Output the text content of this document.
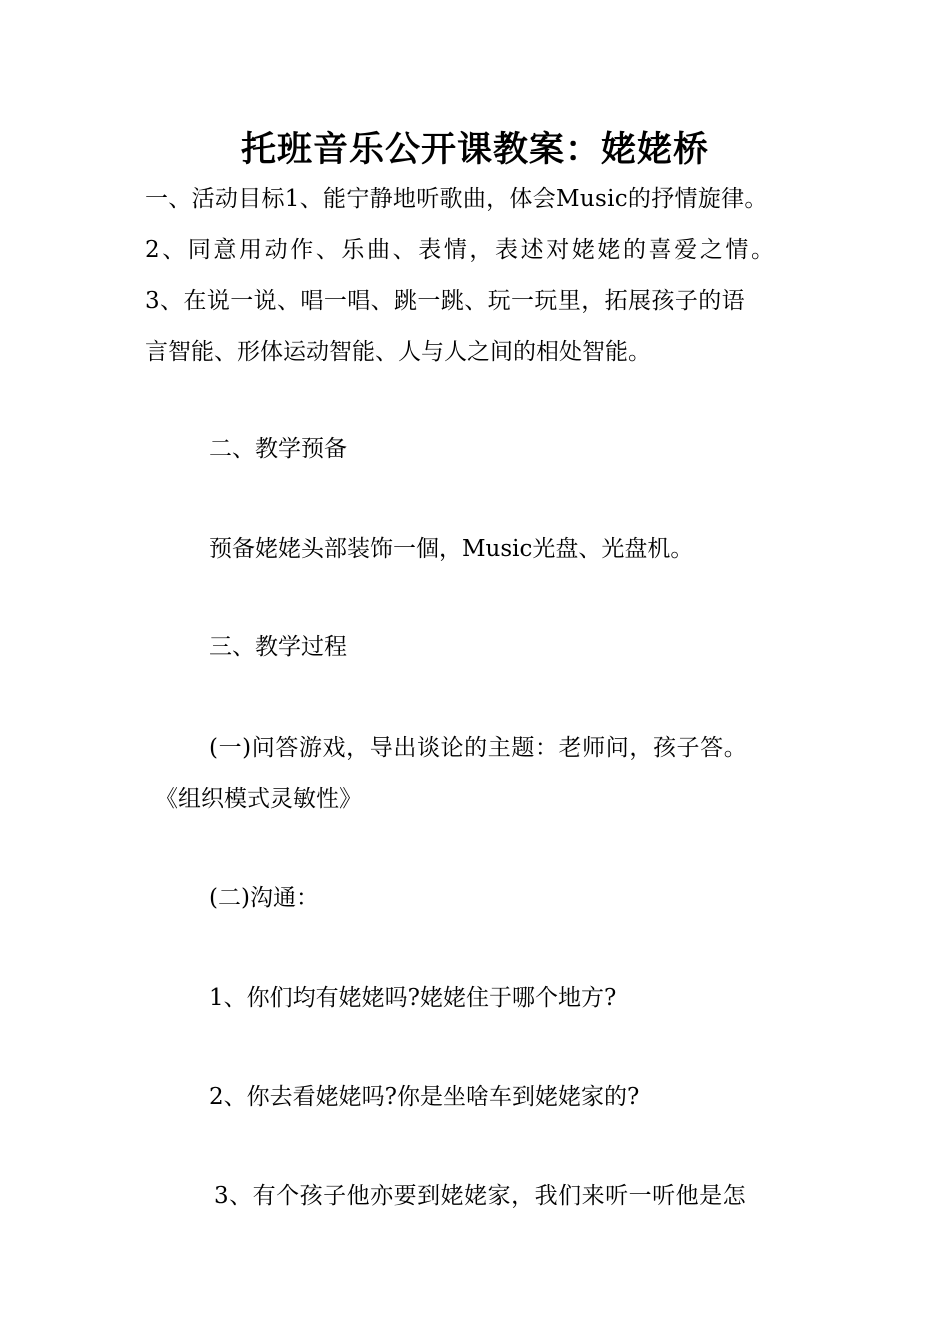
托班音乐公开课教案：姥姥桥
一、活动目标1、能宁静地听歌曲，体会Music的抒情旋律。
2、同意用动作、乐曲、表情，表述对姥姥的喜爱之情。
3、在说一说、唱一唱、跳一跳、玩一玩里，拓展孩子的语
言智能、形体运动智能、人与人之间的相处智能。
二、教学预备
预备姥姥头部装饰一個，Music光盘、光盘机。
三、教学过程
(一)问答游戏，导出谈论的主题：老师问，孩子答。
《组织模式灵敏性》
(二)沟通：
1、你们均有姥姥吗?姥姥住于哪个地方?
2、你去看姥姥吗?你是坐啥车到姥姥家的?
3、有个孩子他亦要到姥姥家，我们来听一听他是怎
